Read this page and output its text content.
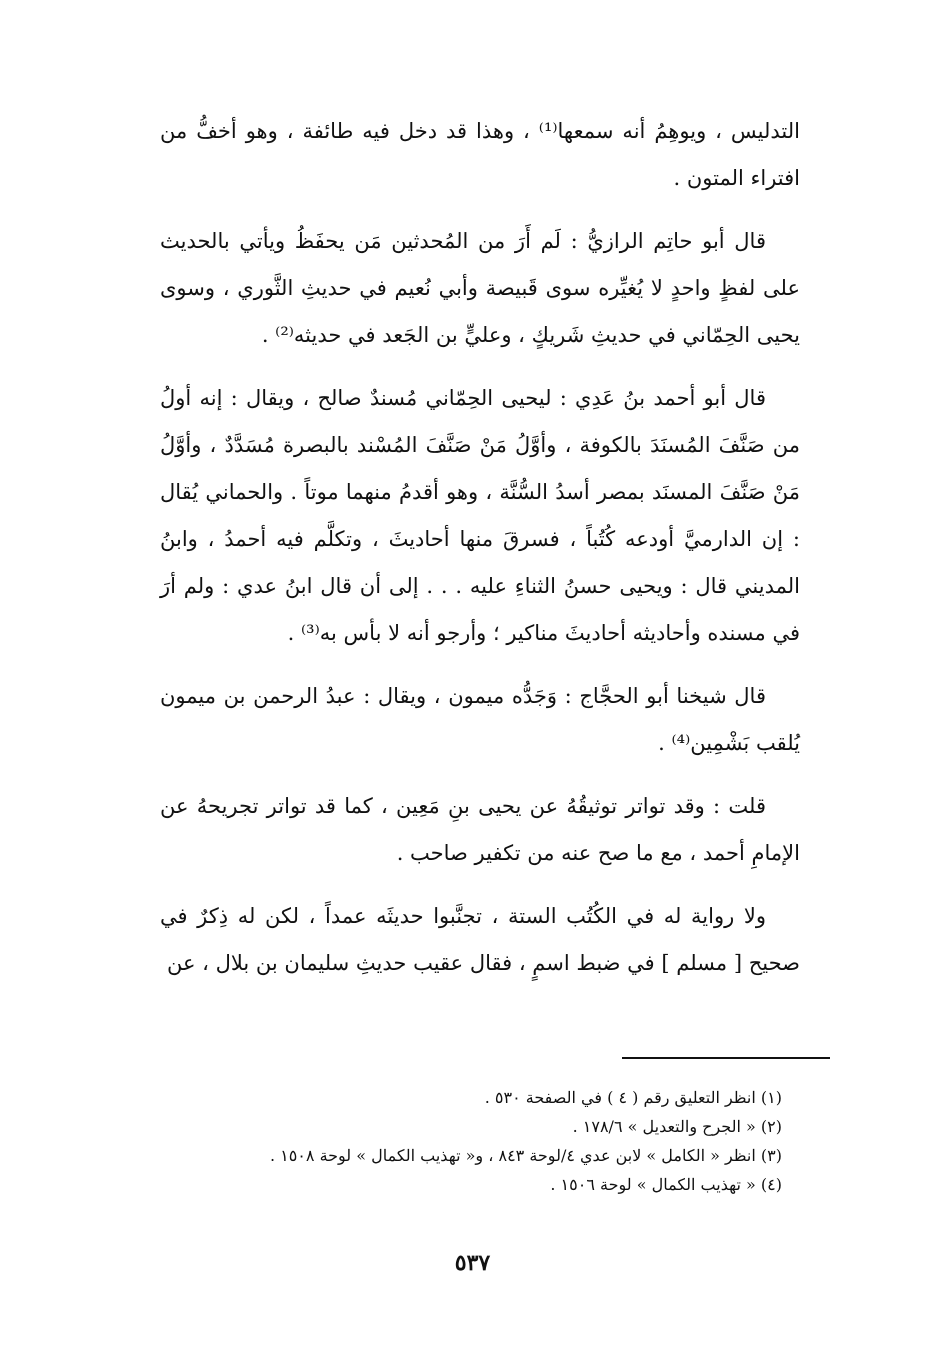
التدليس ، ويوهِمُ أنه سمعها⁽¹⁾ ، وهذا قد دخل فيه طائفة ، وهو أخفُّ من افتراء المتون .

قال أبو حاتِم الرازيُّ : لَم أَرَ من المُحدثين مَن يحفَظُ ويأتي بالحديث على لفظٍ واحدٍ لا يُغيِّره سوى قَبيصة وأبي نُعيم في حديثِ الثَّوري ، وسوى يحيى الحِمّاني في حديثِ شَريكٍ ، وعليٍّ بن الجَعد في حديثه⁽²⁾ .

قال أبو أحمد بنُ عَدِي : ليحيى الحِمّاني مُسندٌ صالح ، ويقال : إنه أولُ من صَنَّفَ المُسنَدَ بالكوفة ، وأوَّلُ مَنْ صَنَّفَ المُسْند بالبصرة مُسَدَّدٌ ، وأوَّلُ مَنْ صَنَّفَ المسنَد بمصر أسدُ السُّنَّة ، وهو أقدمُ منهما موتاً . والحماني يُقال : إن الدارميَّ أودعه كُتُباً ، فسرقَ منها أحاديثَ ، وتكلَّم فيه أحمدُ ، وابنُ المديني قال : ويحيى حسنُ الثناءِ عليه . . . إلى أن قال ابنُ عدي : ولم أرَ في مسنده وأحاديثه أحاديثَ مناكير ؛ وأرجو أنه لا بأس به⁽³⁾ .

قال شيخنا أبو الحجَّاج : وَجَدُّه ميمون ، ويقال : عبدُ الرحمن بن ميمون يُلقب بَشْمِين⁽⁴⁾ .

قلت : وقد تواتر توثيقُهُ عن يحيى بنِ مَعِين ، كما قد تواتر تجريحهُ عن الإمامِ أحمد ، مع ما صح عنه من تكفير صاحب .

ولا رواية له في الكُتُب الستة ، تجنَّبوا حديثَه عمداً ، لكن له ذِكرٌ في صحيح [ مسلم ] في ضبط اسمٍ ، فقال عقيب حديثِ سليمان بن بلال ، عن

(١) انظر التعليق رقم ( ٤ ) في الصفحة ٥٣٠ .

(٢) « الجرح والتعديل » ١٧٨/٦ .

(٣) انظر « الكامل » لابن عدي ٤/لوحة ٨٤٣ ، و« تهذيب الكمال » لوحة ١٥٠٨ .

(٤) « تهذيب الكمال » لوحة ١٥٠٦ .

٥٣٧
